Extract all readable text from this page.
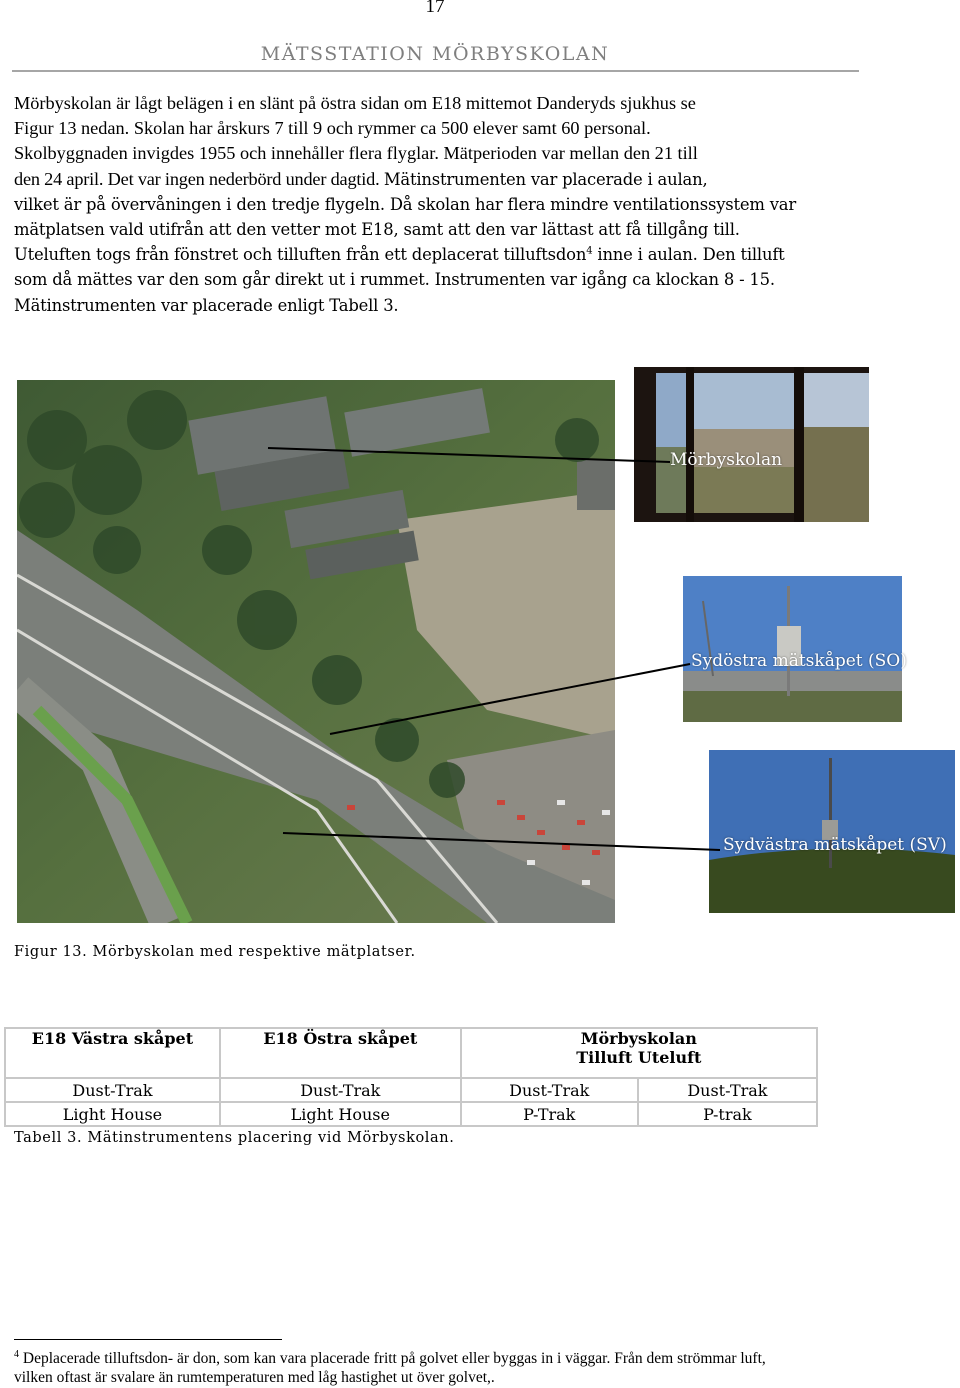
17
MÄTSSTATION MÖRBYSKOLAN
Mörbyskolan är lågt belägen i en slänt på östra sidan om E18 mittemot Danderyds sjukhus se
Figur 13 nedan. Skolan har årskurs 7 till 9 och rymmer ca 500 elever samt 60 personal.
Skolbyggnaden invigdes 1955 och innehåller flera flyglar. Mätperioden var mellan den 21 till
den 24 april. Det var ingen nederbörd under dagtid. Mätinstrumenten var placerade i aulan,
vilket är på övervåningen i den tredje flygeln. Då skolan har flera mindre ventilationssystem var
mätplatsen vald utifrån att den vetter mot E18, samt att den var lättast att få tillgång till.
Uteluften togs från fönstret och tilluften från ett deplacerat tilluftsdon$^4$ inne i aulan. Den tilluft
som då mättes var den som går direkt ut i rummet. Instrumenten var igång ca klockan 8 - 15.
Mätinstrumenten var placerade enligt Tabell 3.
Mörbyskolan
Sydöstra mätskåpet (SO)
Sydvästra mätskåpet (SV)
Figur 13. Mörbyskolan med respektive mätplatser.
E18 Västra skåpet	E18 Östra skåpet	Mörbyskolan
Tilluft Uteluft	

Dust-Trak	Dust-Trak	Dust-Trak	Dust-Trak
Light House	Light House	P-Trak	P-trak
Tabell 3. Mätinstrumentens placering vid Mörbyskolan.
$^4$ Deplacerade tilluftsdon- är don, som kan vara placerade fritt på golvet eller byggas in i väggar. Från dem strömmar luft,
vilken oftast är svalare än rumtemperaturen med låg hastighet ut över golvet,.
